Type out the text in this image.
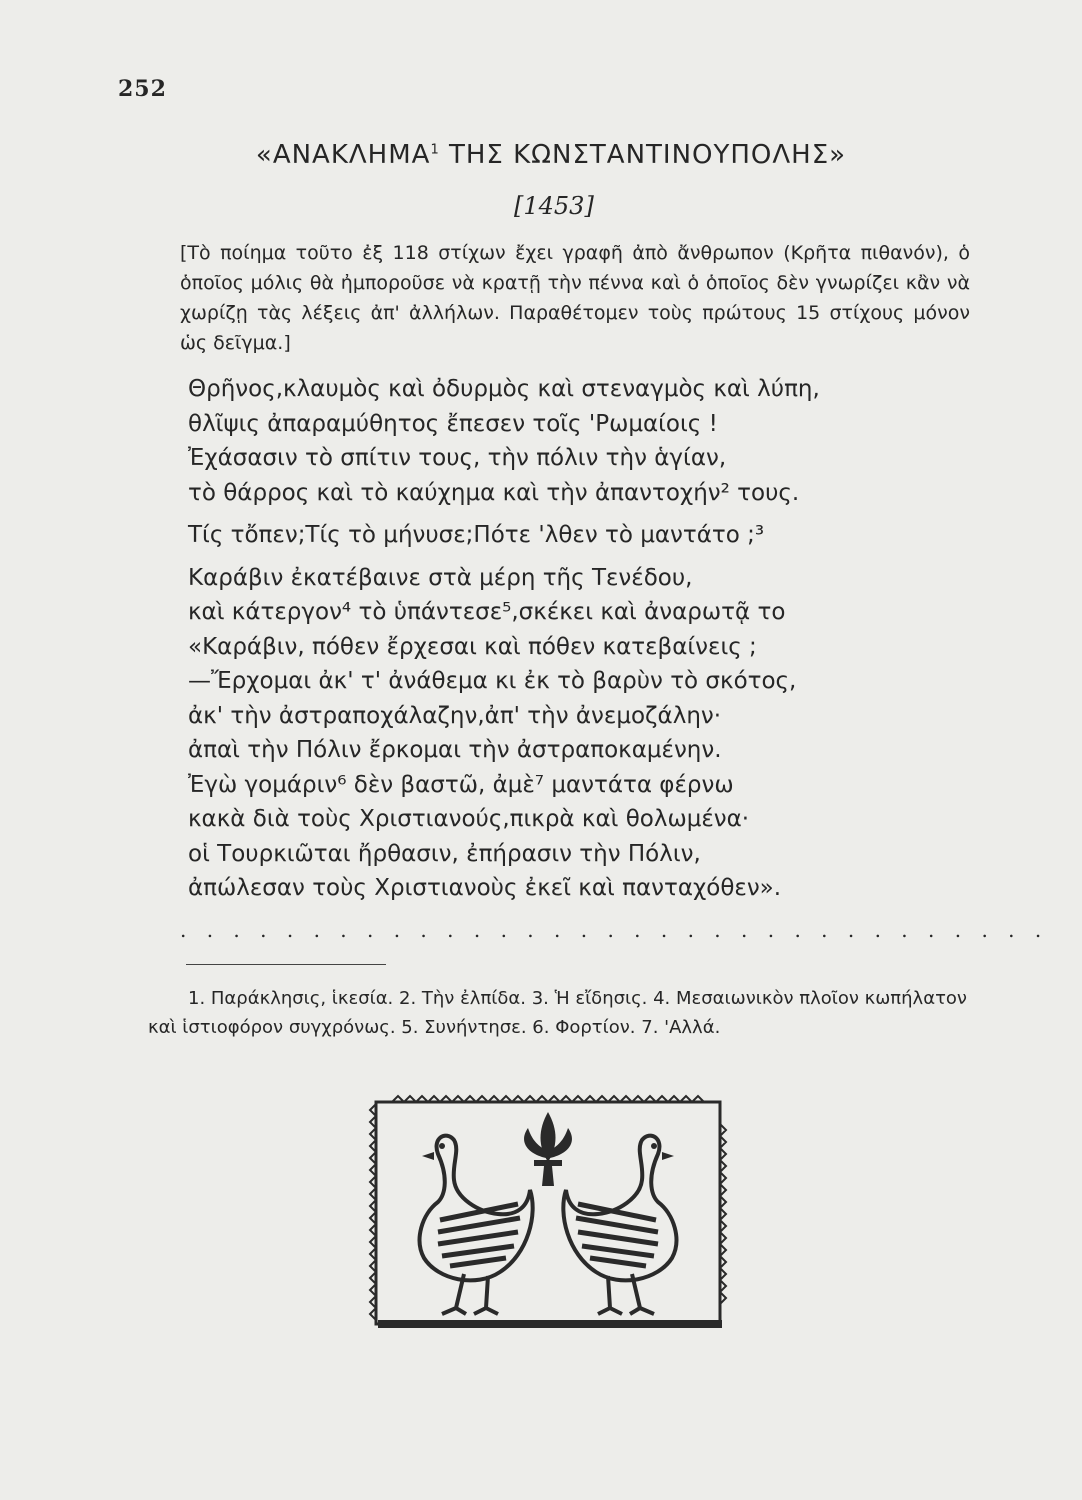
252
«ΑΝΑΚΛΗΜΑ$^1$ ΤΗΣ ΚΩΝΣΤΑΝΤΙΝΟΥΠΟΛΗΣ»
[1453]
[Τὸ ποίημα τοῦτο ἐξ 118 στίχων ἔχει γραφῆ ἀπὸ ἄνθρωπον (Κρῆτα πιθανόν), ὁ ὁποῖος μόλις θὰ ἠμποροῦσε νὰ κρατῇ τὴν πέννα καὶ ὁ ὁποῖος δὲν γνωρίζει κἂν νὰ χωρίζῃ τὰς λέξεις ἀπ' ἀλλήλων. Παραθέτομεν τοὺς πρώτους 15 στίχους μόνον ὡς δεῖγμα.]
Θρῆνος,κλαυμὸς καὶ ὀδυρμὸς καὶ στεναγμὸς καὶ λύπη,
θλῖψις ἀπαραμύθητος ἔπεσεν τοῖς 'Ρωμαίοις !
Ἐχάσασιν τὸ σπίτιν τους, τὴν πόλιν τὴν ἁγίαν,
τὸ θάρρος καὶ τὸ καύχημα καὶ τὴν ἀπαντοχήν² τους.
Τίς τὄπεν;Τίς τὸ μήνυσε;Πότε 'λθεν τὸ μαντάτο ;³
Καράβιν ἐκατέβαινε στὰ μέρη τῆς Τενέδου,
καὶ κάτεργον⁴ τὸ ὑπάντεσε⁵,σκέκει καὶ ἀναρωτᾷ το
«Καράβιν, πόθεν ἔρχεσαι καὶ πόθεν κατεβαίνεις ;
—Ἔρχομαι ἀκ' τ' ἀνάθεμα κι ἐκ τὸ βαρὺν τὸ σκότος,
ἀκ' τὴν ἀστραποχάλαζην,ἀπ' τὴν ἀνεμοζάλην·
ἀπαὶ τὴν Πόλιν ἔρκομαι τὴν ἀστραποκαμένην.
Ἐγὼ γομάριν⁶ δὲν βαστῶ, ἀμὲ⁷ μαντάτα φέρνω
κακὰ διὰ τοὺς Χριστιανούς,πικρὰ καὶ θολωμένα·
οἱ Τουρκιῶται ἤρθασιν, ἐπήρασιν τὴν Πόλιν,
ἀπώλεσαν τοὺς Χριστιανοὺς ἐκεῖ καὶ πανταχόθεν».
. . . . . . . . . . . . . . . . . . . . . . . . . . . . . . . . .
1. Παράκλησις, ἱκεσία. 2. Τὴν ἐλπίδα. 3. Ἡ εἴδησις. 4. Μεσαιωνικὸν πλοῖον κωπήλατον καὶ ἱστιοφόρον συγχρόνως. 5. Συνήντησε. 6. Φορτίον. 7. 'Αλλά.
